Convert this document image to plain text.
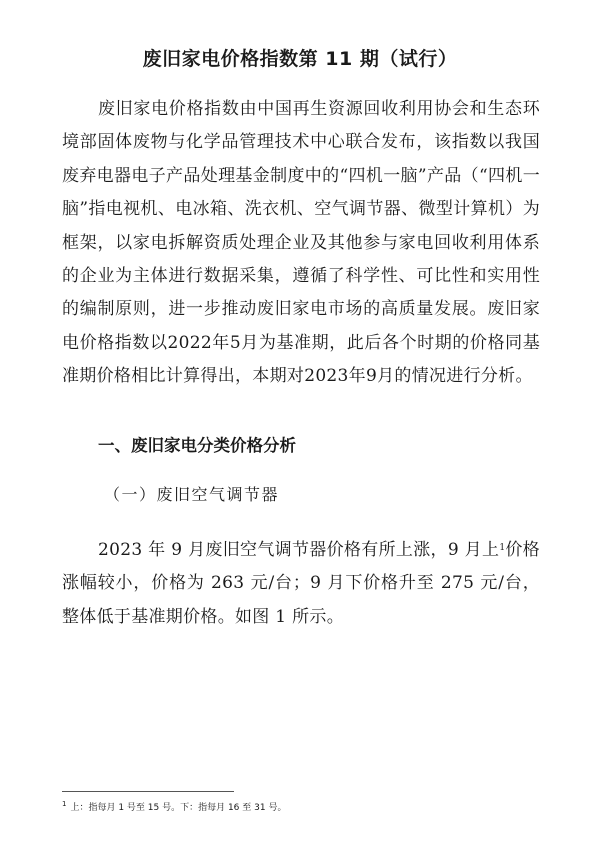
废旧家电价格指数第 11 期（试行）

废旧家电价格指数由中国再生资源回收利用协会和生态环境部固体废物与化学品管理技术中心联合发布，该指数以我国废弃电器电子产品处理基金制度中的“四机一脑”产品（“四机一脑”指电视机、电冰箱、洗衣机、空气调节器、微型计算机）为框架，以家电拆解资质处理企业及其他参与家电回收利用体系的企业为主体进行数据采集，遵循了科学性、可比性和实用性的编制原则，进一步推动废旧家电市场的高质量发展。废旧家电价格指数以2022年5月为基准期，此后各个时期的价格同基准期价格相比计算得出，本期对2023年9月的情况进行分析。

一、废旧家电分类价格分析
（一）废旧空气调节器

2023 年 9 月废旧空气调节器价格有所上涨，9 月上$^1$价格涨幅较小，价格为 263 元/台；9 月下价格升至 275 元/台，整体低于基准期价格。如图 1 所示。

$^1$ 上：指每月 1 号至 15 号。下：指每月 16 至 31 号。
